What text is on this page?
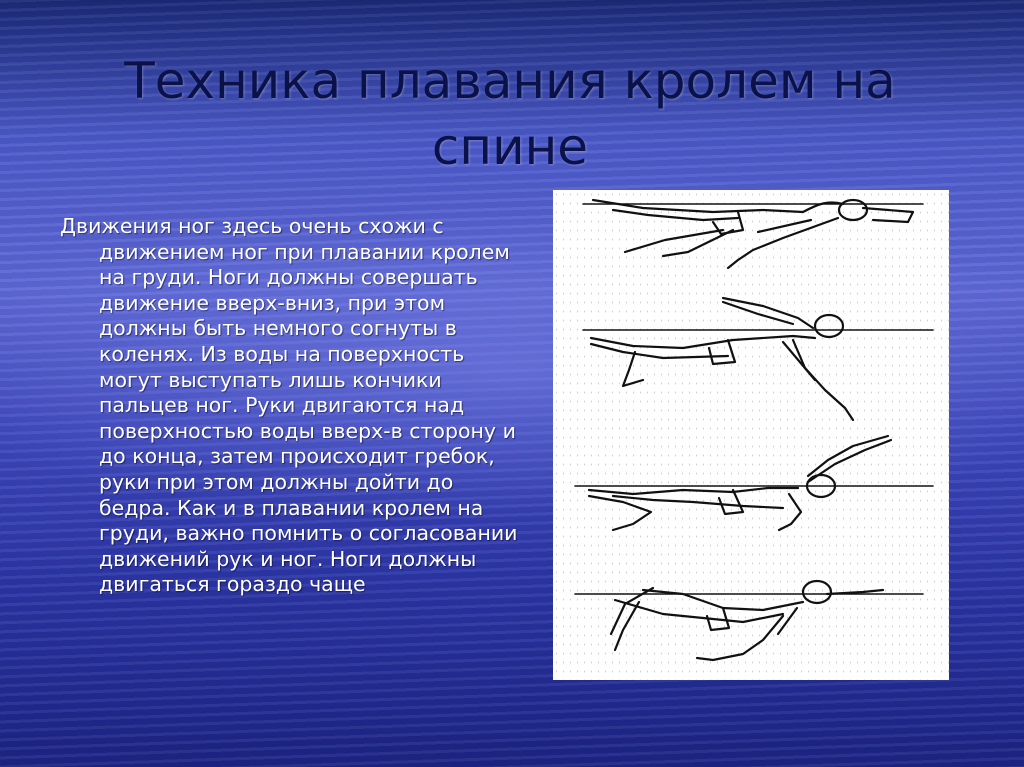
Техника плавания кролем на спине
Движения ног здесь очень схожи с движением ног при плавании кролем на груди. Ноги должны совершать движение вверх-вниз, при этом должны быть немного согнуты в коленях. Из воды на поверхность могут выступать лишь кончики пальцев ног. Руки двигаются над поверхностью воды вверх-в сторону и до конца, затем происходит гребок, руки при этом должны дойти до бедра. Как и в плавании кролем на груди, важно помнить о согласовании движений рук и ног. Ноги должны двигаться гораздо чаще
